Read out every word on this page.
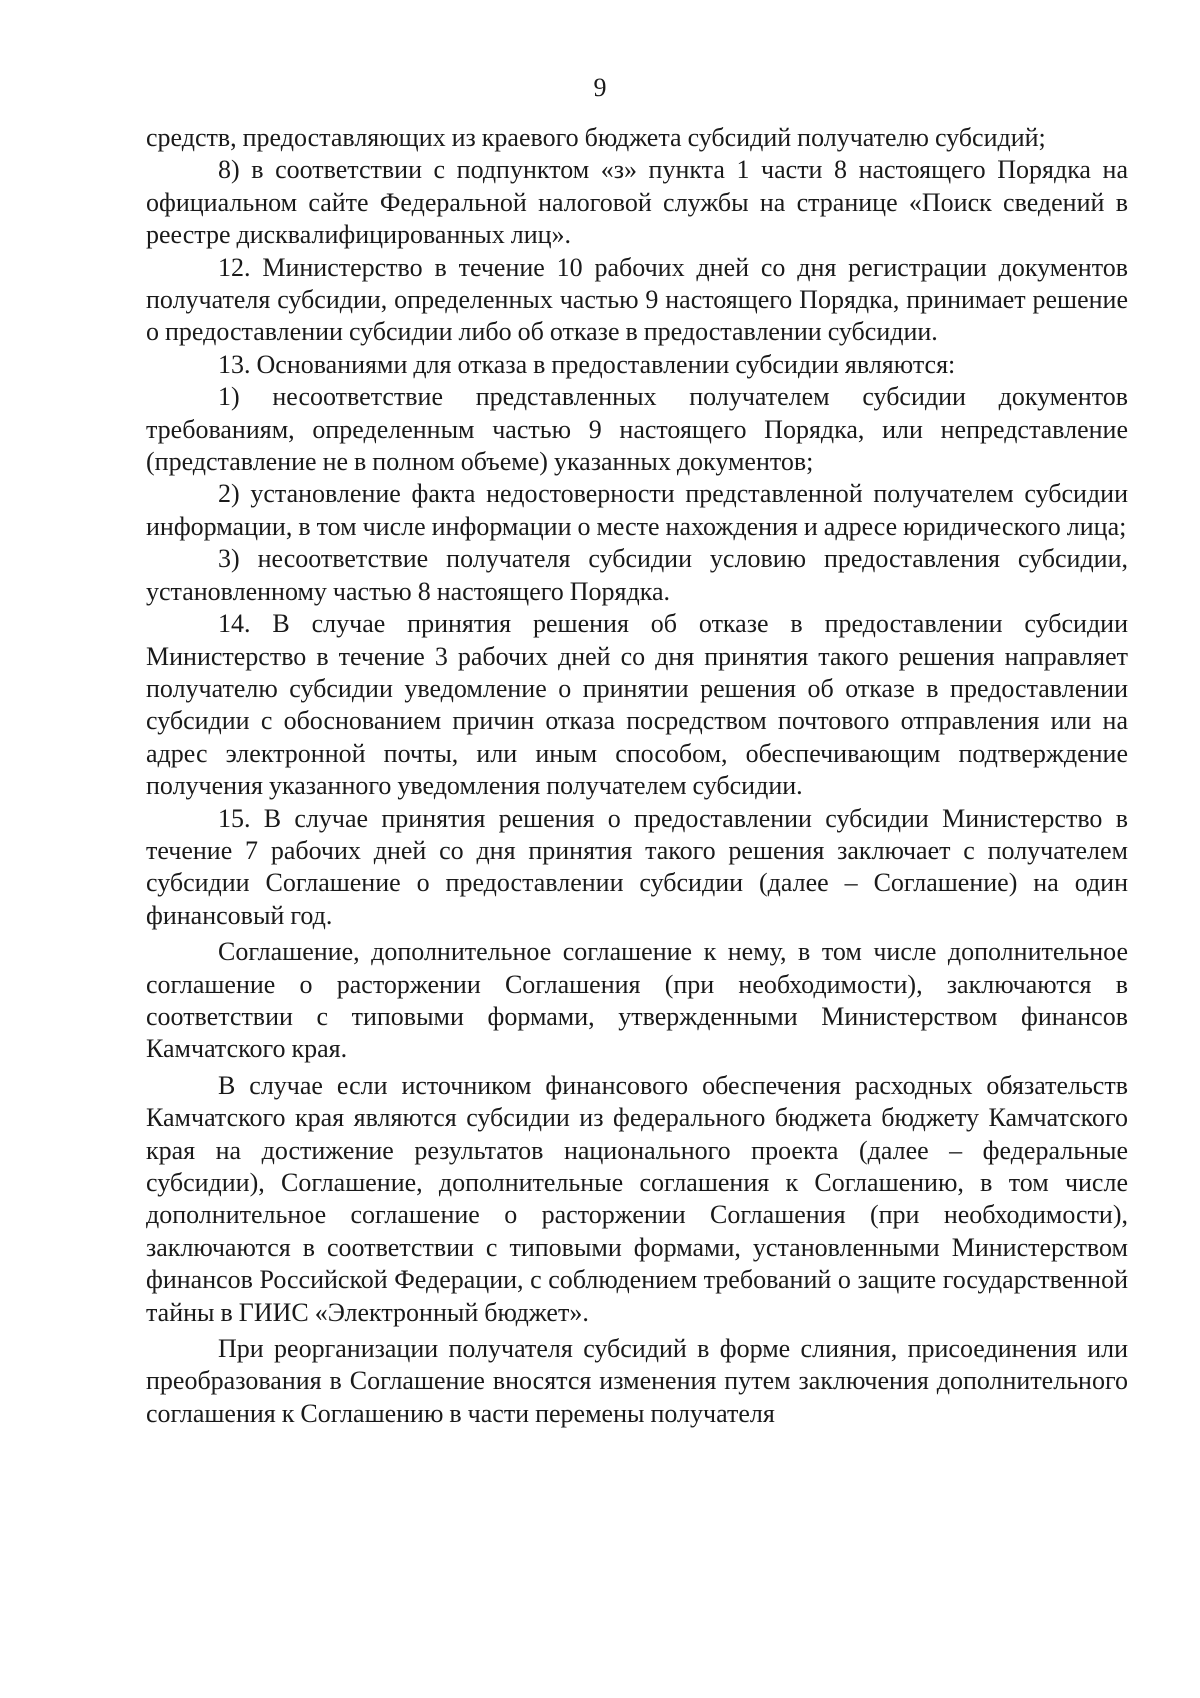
9

средств, предоставляющих из краевого бюджета субсидий получателю субсидий;

8) в соответствии с подпунктом «з» пункта 1 части 8 настоящего Порядка на официальном сайте Федеральной налоговой службы на странице «Поиск сведений в реестре дисквалифицированных лиц».

12. Министерство в течение 10 рабочих дней со дня регистрации документов получателя субсидии, определенных частью 9 настоящего Порядка, принимает решение о предоставлении субсидии либо об отказе в предоставлении субсидии.

13. Основаниями для отказа в предоставлении субсидии являются:

1) несоответствие представленных получателем субсидии документов требованиям, определенным частью 9 настоящего Порядка, или непредставление (представление не в полном объеме) указанных документов;

2) установление факта недостоверности представленной получателем субсидии информации, в том числе информации о месте нахождения и адресе юридического лица;

3) несоответствие получателя субсидии условию предоставления субсидии, установленному частью 8 настоящего Порядка.

14. В случае принятия решения об отказе в предоставлении субсидии Министерство в течение 3 рабочих дней со дня принятия такого решения направляет получателю субсидии уведомление о принятии решения об отказе в предоставлении субсидии с обоснованием причин отказа посредством почтового отправления или на адрес электронной почты, или иным способом, обеспечивающим подтверждение получения указанного уведомления получателем субсидии.

15. В случае принятия решения о предоставлении субсидии Министерство в течение 7 рабочих дней со дня принятия такого решения заключает с получателем субсидии Соглашение о предоставлении субсидии (далее – Соглашение) на один финансовый год.

Соглашение, дополнительное соглашение к нему, в том числе дополнительное соглашение о расторжении Соглашения (при необходимости), заключаются в соответствии с типовыми формами, утвержденными Министерством финансов Камчатского края.

В случае если источником финансового обеспечения расходных обязательств Камчатского края являются субсидии из федерального бюджета бюджету Камчатского края на достижение результатов национального проекта (далее – федеральные субсидии), Соглашение, дополнительные соглашения к Соглашению, в том числе дополнительное соглашение о расторжении Соглашения (при необходимости), заключаются в соответствии с типовыми формами, установленными Министерством финансов Российской Федерации, с соблюдением требований о защите государственной тайны в ГИИС «Электронный бюджет».

При реорганизации получателя субсидий в форме слияния, присоединения или преобразования в Соглашение вносятся изменения путем заключения дополнительного соглашения к Соглашению в части перемены получателя
